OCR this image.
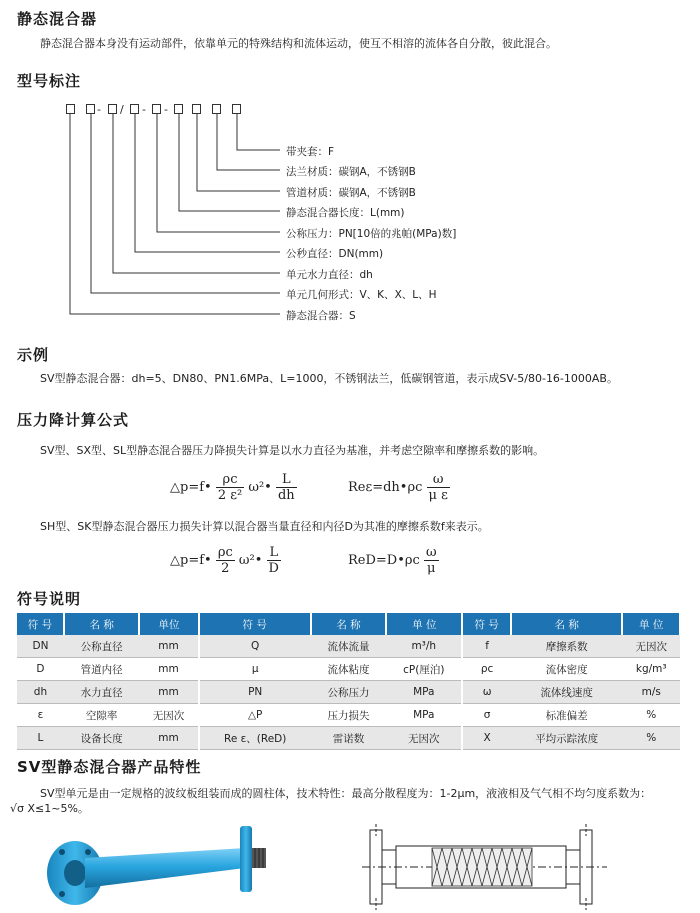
静态混合器
静态混合器本身没有运动部件，依靠单元的特殊结构和流体运动，使互不相溶的流体各自分散，彼此混合。
型号标注
- / - -
带夹套：F
法兰材质：碳钢A，不锈钢B
管道材质：碳钢A，不锈钢B
静态混合器长度：L(mm)
公称压力：PN[10倍的兆帕(MPa)数]
公秒直径：DN(mm)
单元水力直径：dh
单元几何形式：V、K、X、L、H
静态混合器：S
示例
SV型静态混合器：dh=5、DN80、PN1.6MPa、L=1000，不锈钢法兰，低碳钢管道，表示成SV-5/80-16-1000AB。
压力降计算公式
SV型、SX型、SL型静态混合器压力降损失计算是以水力直径为基准，并考虑空隙率和摩擦系数的影响。
△p=f• $\frac{\rho c}{\text{2 ε²}}$ ω²• $\frac{L}{dh}$	Reε=dh•ρc $\frac{\omega}{\text{μ ε}}$
SH型、SK型静态混合器压力损失计算以混合器当量直径和内径D为其准的摩擦系数f来表示。
△p=f• $\frac{\rho c}{2}$ ω²• $\frac{L}{D}$	ReD=D•ρc $\frac{\omega}{\mu}$
符号说明
符 号	名 称	单位	符 号	名 称	单 位	符 号	名 称	单 位
DN	公称直径	mm	Q	流体流量	m³/h	f	摩擦系数	无因次
D	管道内径	mm	μ	流体粘度	cP(厘泊)	ρc	流体密度	kg/m³
dh	水力直径	mm	PN	公称压力	MPa	ω	流体线速度	m/s
ε	空隙率	无因次	△P	压力损失	MPa	σ	标准偏差	%
L	设备长度	mm	Re ε、(ReD)	雷诺数	无因次	X	平均示踪浓度	%
SV型静态混合器产品特性
SV型单元是由一定规格的波纹板组装而成的圆柱体，技术特性：最高分散程度为：1-2μm，液液相及气气相不均匀度系数为：
√σ X≤1~5%。
